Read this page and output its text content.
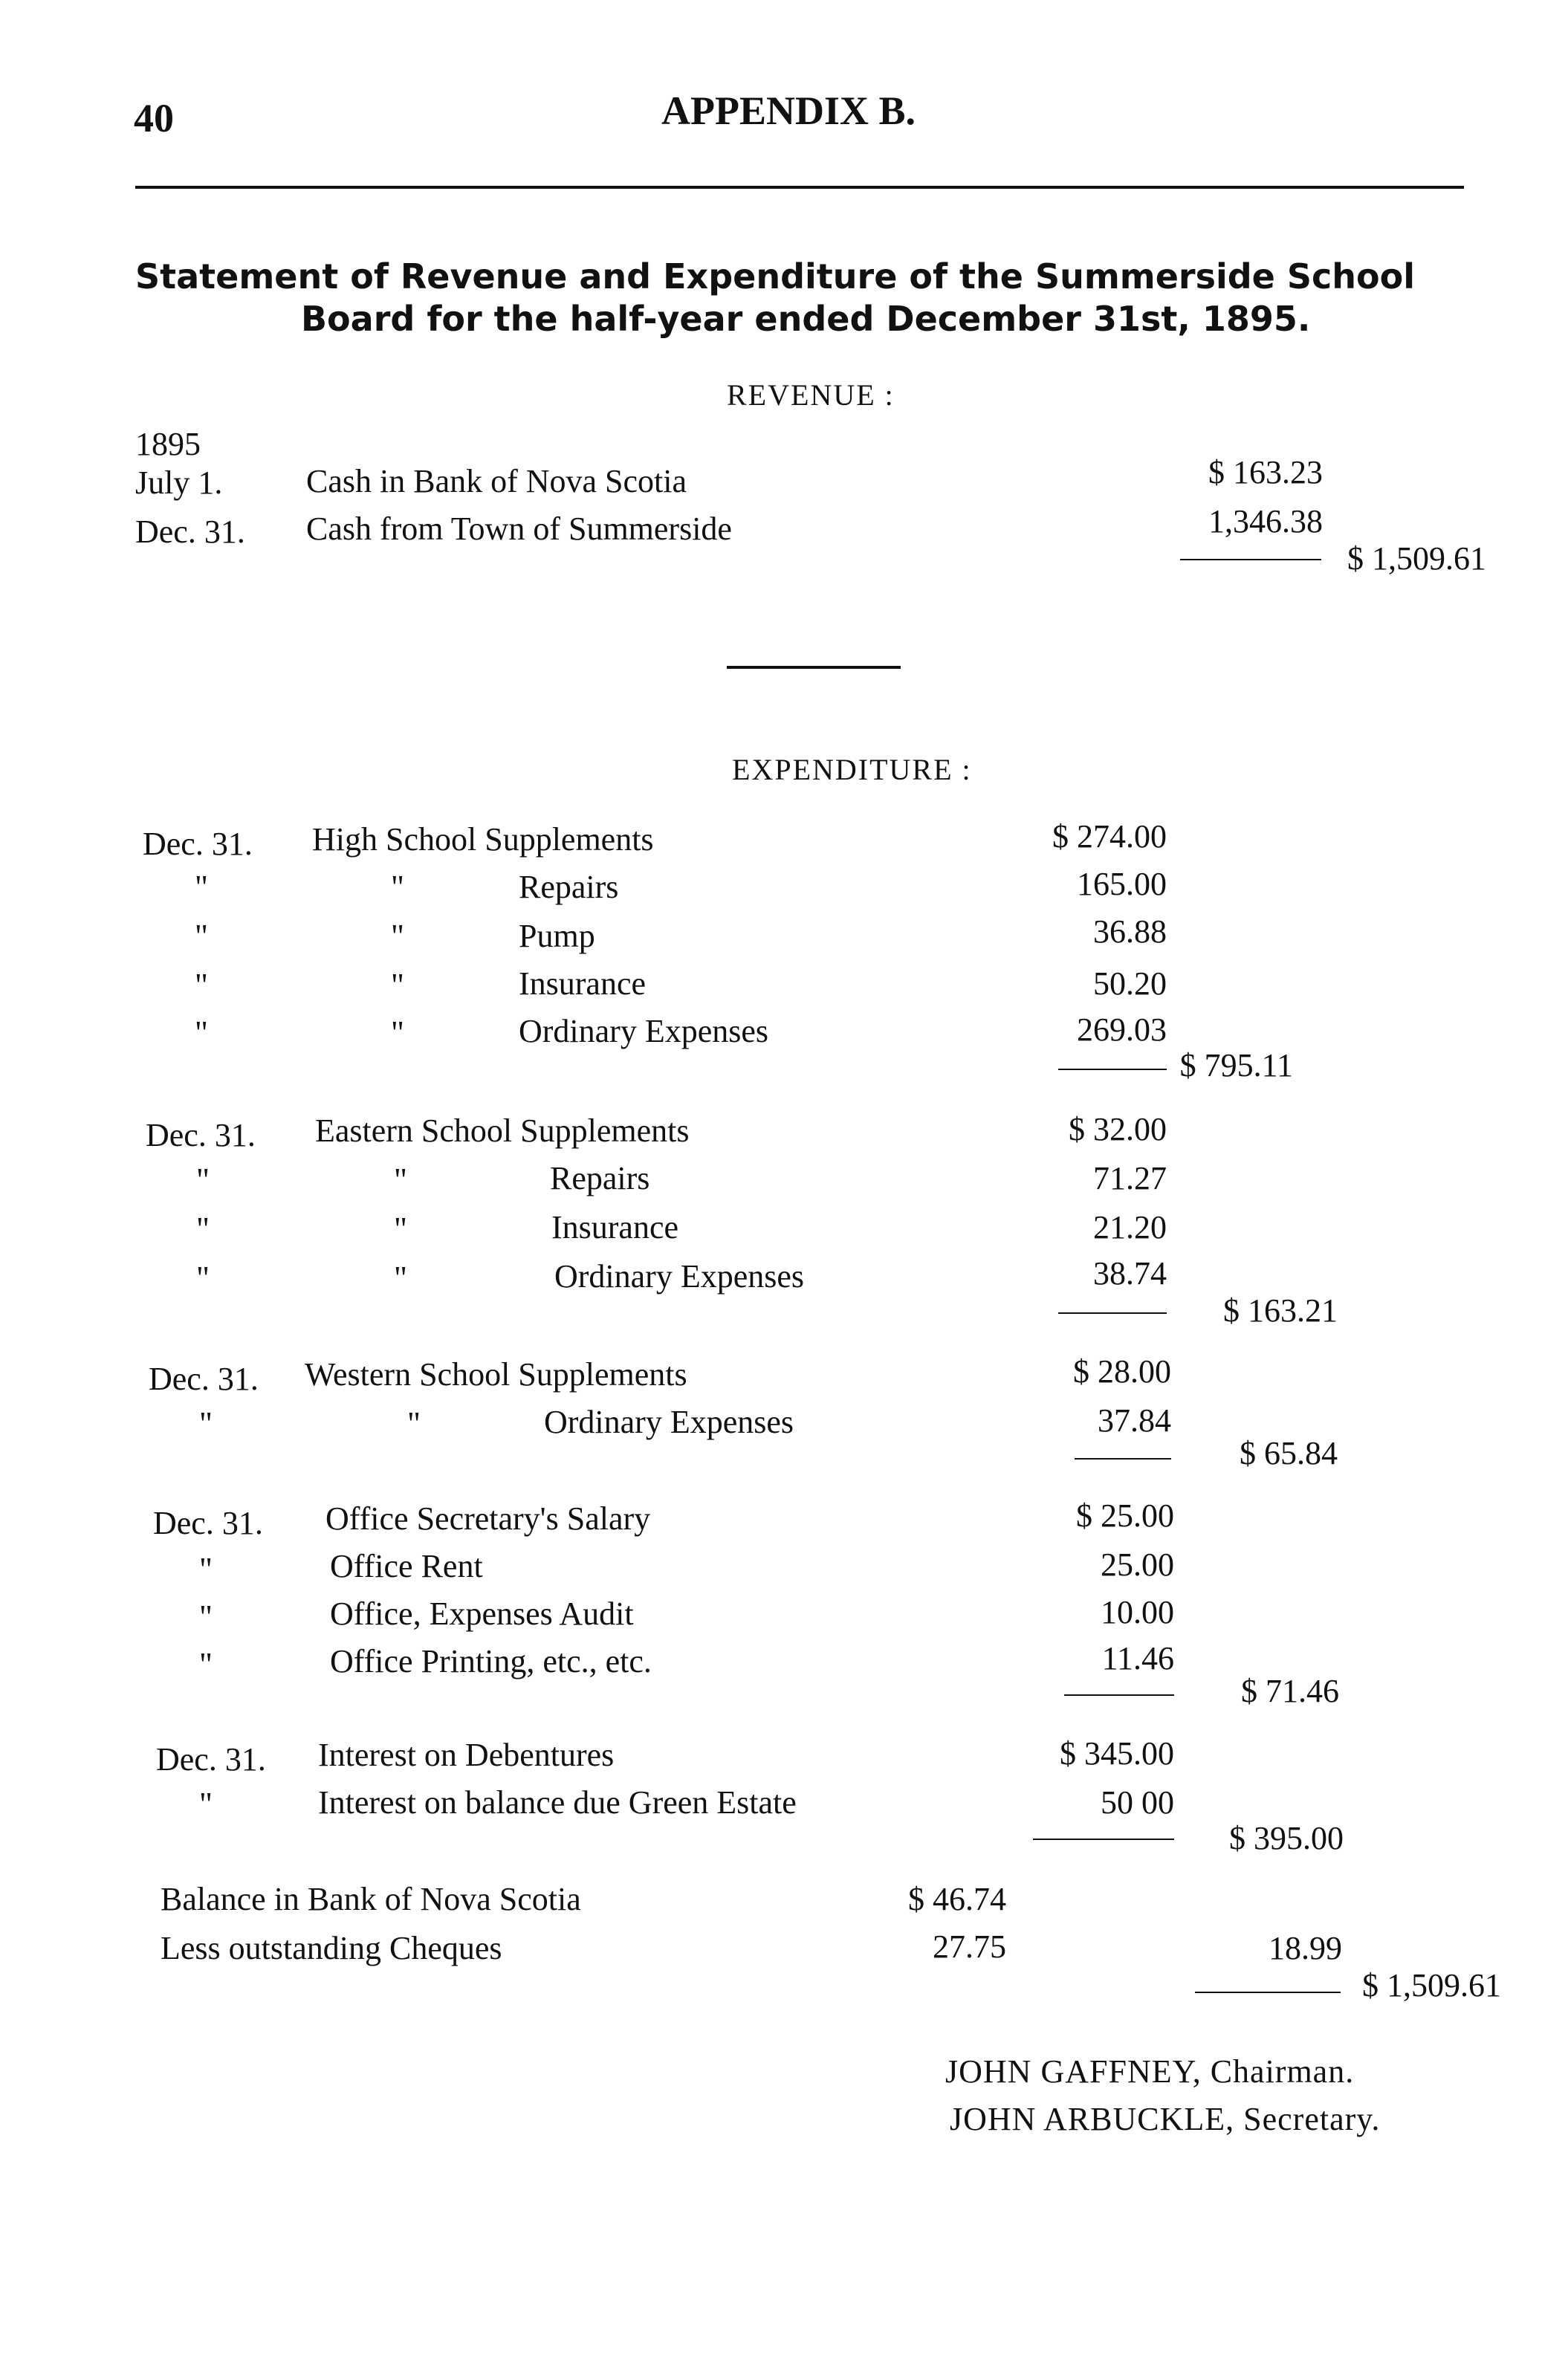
40	APPENDIX B.
Statement of Revenue and Expenditure of the Summerside School
Board for the half-year ended December 31st, 1895.
REVENUE :
1895
July 1.	Cash in Bank of Nova Scotia	$ 163.23
Dec. 31. Cash from Town of Summerside	1,346.38
$ 1,509.61
EXPENDITURE :
Dec. 31. High School Supplements	$ 274.00
"	"	Repairs	165.00
"	"	Pump	36.88
"	"	Insurance	50.20
"	"	Ordinary Expenses	269.03
$ 795.11
Dec. 31. Eastern School Supplements	$ 32.00
"	"	Repairs	71.27
"	"	Insurance	21.20
"	"	Ordinary Expenses	38.74
$ 163.21
Dec. 31. Western School Supplements	$ 28.00
"	"	Ordinary Expenses	37.84
$ 65.84
Dec. 31. Office Secretary's Salary	$ 25.00
"	Office Rent	25.00
"	Office, Expenses Audit	10.00
"	Office Printing, etc., etc.	11.46
$ 71.46
Dec. 31. Interest on Debentures	$ 345.00
"	Interest on balance due Green Estate	50 00
$ 395.00
Balance in Bank of Nova Scotia	$ 46.74
Less outstanding Cheques	27.75	18.99
$ 1,509.61
JOHN GAFFNEY, Chairman.
JOHN ARBUCKLE, Secretary.
